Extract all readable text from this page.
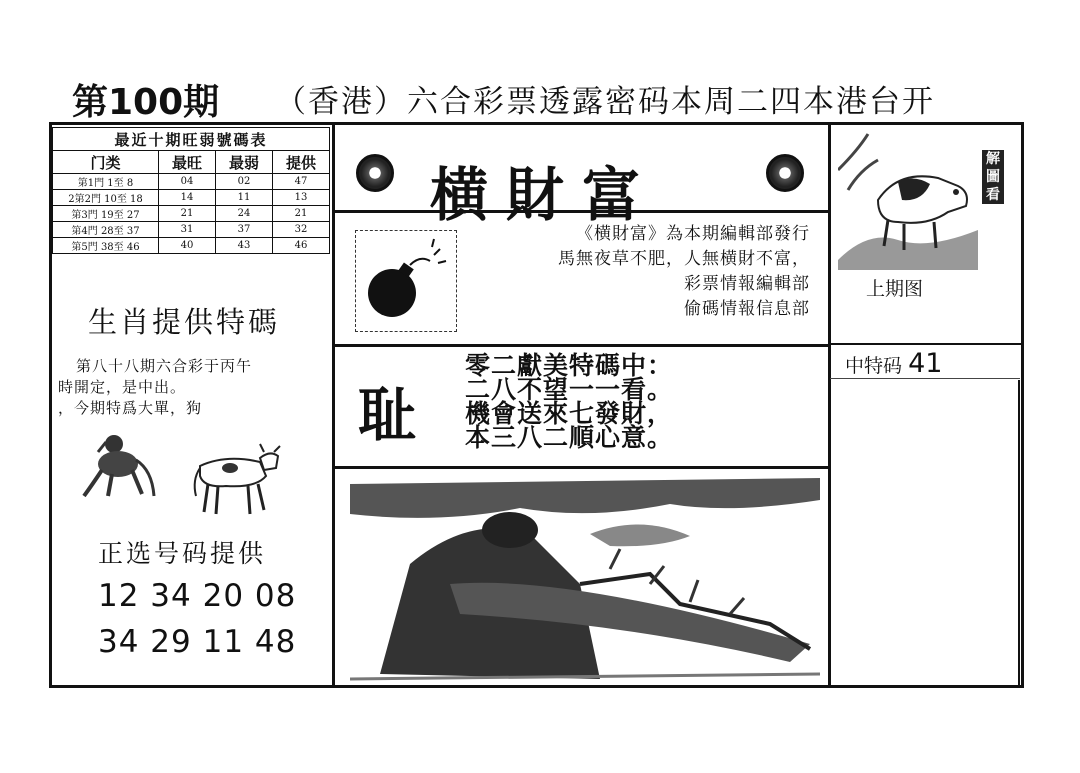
第100期 （香港）六合彩票透露密码本周二四本港台开
最近十期旺弱號碼表			
门类	最旺	最弱	提供
第1門 1至 8	04	02	47
2第2門 10至 18	14	11	13
第3門 19至 27	21	24	21
第4門 28至 37	31	37	32
第5門 38至 46	40	43	46
生肖提供特碼
第八十八期六合彩于丙午
時開定，是中出。
，今期特爲大單，狗
正选号码提供
12 34 20 08
34 29 11 48
横財富
《横財富》為本期編輯部發行
馬無夜草不肥，人無横財不富，
彩票情報編輯部
偷碼情報信息部
耻
零二獻美特碼中：
二八不望一一看。
機會送來七發財，
本三八二順心意。
解圖看
上期图
中特码 41
